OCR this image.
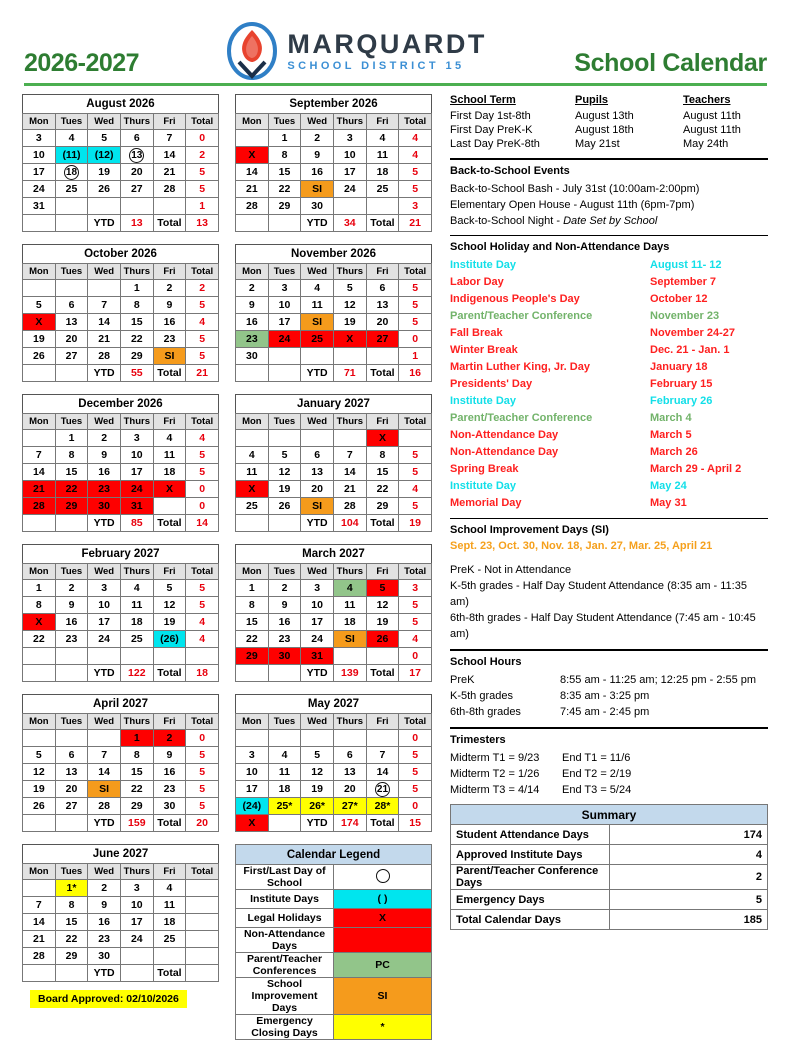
2026-2027
MARQUARDT
SCHOOL DISTRICT 15	School Calendar
August 2026					
Mon	Tues	Wed	Thurs	Fri	Total
3	4	5	6	7	0
10	(11)	(12)	13	14	2
17	18	19	20	21	5
24	25	26	27	28	5
31					1
		YTD	13	Total	13
October 2026					
Mon	Tues	Wed	Thurs	Fri	Total
			1	2	2
5	6	7	8	9	5
X	13	14	15	16	4
19	20	21	22	23	5
26	27	28	29	SI	5
		YTD	55	Total	21
December 2026					
Mon	Tues	Wed	Thurs	Fri	Total
	1	2	3	4	4
7	8	9	10	11	5
14	15	16	17	18	5
21	22	23	24	X	0
28	29	30	31		0
		YTD	85	Total	14
February 2027					
Mon	Tues	Wed	Thurs	Fri	Total
1	2	3	4	5	5
8	9	10	11	12	5
X	16	17	18	19	4
22	23	24	25	(26)	4

		YTD	122	Total	18
April 2027					
Mon	Tues	Wed	Thurs	Fri	Total
			1	2	0
5	6	7	8	9	5
12	13	14	15	16	5
19	20	SI	22	23	5
26	27	28	29	30	5
		YTD	159	Total	20
June 2027					
Mon	Tues	Wed	Thurs	Fri	Total
	1*	2	3	4	
7	8	9	10	11	
14	15	16	17	18	
21	22	23	24	25	
28	29	30			
		YTD		Total	
September 2026					
Mon	Tues	Wed	Thurs	Fri	Total
	1	2	3	4	4
X	8	9	10	11	4
14	15	16	17	18	5
21	22	SI	24	25	5
28	29	30			3
		YTD	34	Total	21
November 2026					
Mon	Tues	Wed	Thurs	Fri	Total
2	3	4	5	6	5
9	10	11	12	13	5
16	17	SI	19	20	5
23	24	25	X	27	0
30					1
		YTD	71	Total	16
January 2027					
Mon	Tues	Wed	Thurs	Fri	Total
				X	
4	5	6	7	8	5
11	12	13	14	15	5
X	19	20	21	22	4
25	26	SI	28	29	5
		YTD	104	Total	19
March 2027					
Mon	Tues	Wed	Thurs	Fri	Total
1	2	3	4	5	3
8	9	10	11	12	5
15	16	17	18	19	5
22	23	24	SI	26	4
29	30	31			0
		YTD	139	Total	17
May 2027					
Mon	Tues	Wed	Thurs	Fri	Total
					0
3	4	5	6	7	5
10	11	12	13	14	5
17	18	19	20	21	5
(24)	25*	26*	27*	28*	0
X		YTD	174	Total	15
Calendar Legend	
First/Last Day of School	
Institute Days	( )
Legal Holidays	X
Non-Attendance Days	
Parent/Teacher Conferences	PC
School Improvement Days	SI
Emergency Closing Days	*
School Term	Pupils	Teachers
First Day 1st-8th	August 13th	August 11th
First Day PreK-K	August 18th	August 11th
Last Day PreK-8th	May 21st	May 24th
Back-to-School Events
Back-to-School Bash - July 31st (10:00am-2:00pm)
Elementary Open House - August 11th (6pm-7pm)
Back-to-School Night - Date Set by School
School Holiday and Non-Attendance Days
Institute Day	August 11- 12
Labor Day	September 7
Indigenous People's Day	October 12
Parent/Teacher Conference	November 23
Fall Break	November 24-27
Winter Break	Dec. 21 - Jan. 1
Martin Luther King, Jr. Day	January 18
Presidents' Day	February 15
Institute Day	February 26
Parent/Teacher Conference	March 4
Non-Attendance Day	March 5
Non-Attendance Day	March 26
Spring Break	March 29 - April 2
Institute Day	May 24
Memorial Day	May 31
School Improvement Days (SI)
Sept. 23, Oct. 30, Nov. 18, Jan. 27, Mar. 25, April 21
PreK - Not in Attendance
K-5th grades - Half Day Student Attendance (8:35 am - 11:35 am)
6th-8th grades - Half Day Student Attendance (7:45 am - 10:45 am)
School Hours
PreK	8:55 am - 11:25 am; 12:25 pm - 2:55 pm
K-5th grades	8:35 am - 3:25 pm
6th-8th grades	7:45 am - 2:45 pm
Trimesters
Midterm T1 = 9/23	End T1 = 11/6
Midterm T2 = 1/26	End T2 = 2/19
Midterm T3 = 4/14	End T3 = 5/24
Summary	
Student Attendance Days	174
Approved Institute Days	4
Parent/Teacher Conference Days	2
Emergency Days	5
Total Calendar Days	185
Board Approved: 02/10/2026
